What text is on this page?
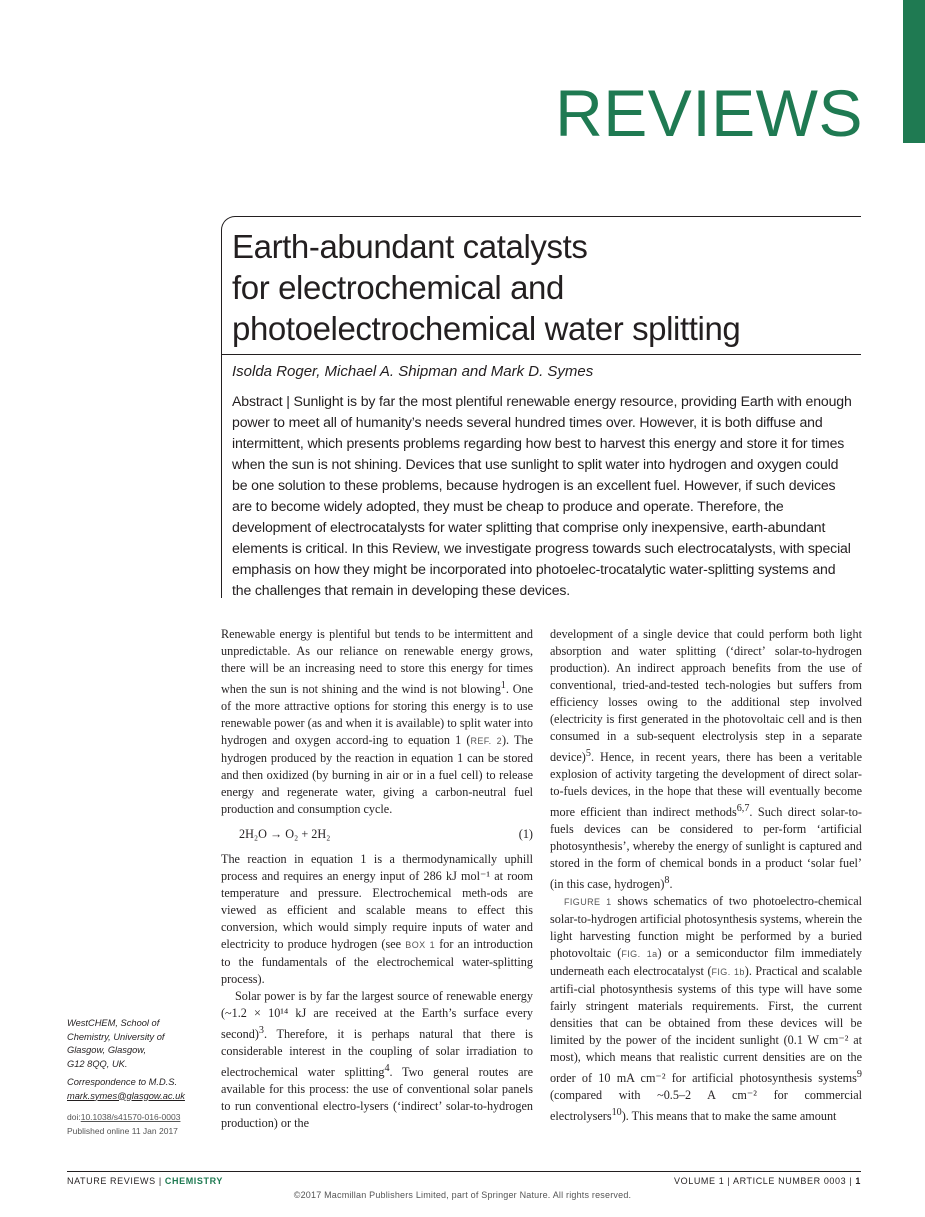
REVIEWS
Earth-abundant catalysts
for electrochemical and
photoelectrochemical water splitting
Isolda Roger, Michael A. Shipman and Mark D. Symes
Abstract | Sunlight is by far the most plentiful renewable energy resource, providing Earth with enough power to meet all of humanity’s needs several hundred times over. However, it is both diffuse and intermittent, which presents problems regarding how best to harvest this energy and store it for times when the sun is not shining. Devices that use sunlight to split water into hydrogen and oxygen could be one solution to these problems, because hydrogen is an excellent fuel. However, if such devices are to become widely adopted, they must be cheap to produce and operate. Therefore, the development of electrocatalysts for water splitting that comprise only inexpensive, earth-abundant elements is critical. In this Review, we investigate progress towards such electrocatalysts, with special emphasis on how they might be incorporated into photoelec-trocatalytic water-splitting systems and the challenges that remain in developing these devices.

Renewable energy is plentiful but tends to be intermittent and unpredictable. As our reliance on renewable energy grows, there will be an increasing need to store this energy for times when the sun is not shining and the wind is not blowing$^1$. One of the more attractive options for storing this energy is to use renewable power (as and when it is available) to split water into hydrogen and oxygen accord-ing to equation 1 (REF. 2). The hydrogen produced by the reaction in equation 1 can be stored and then oxidized (by burning in air or in a fuel cell) to release energy and regenerate water, giving a carbon-neutral fuel production and consumption cycle.

2H₂O → O₂ + 2H₂	(1)

The reaction in equation 1 is a thermodynamically uphill process and requires an energy input of 286 kJ mol⁻¹ at room temperature and pressure. Electrochemical meth-ods are viewed as efficient and scalable means to effect this conversion, which would simply require inputs of water and electricity to produce hydrogen (see BOX 1 for an introduction to the fundamentals of the electrochemical water-splitting process).

Solar power is by far the largest source of renewable energy (~1.2 × 10¹⁴ kJ are received at the Earth’s surface every second)$^3$. Therefore, it is perhaps natural that there is considerable interest in the coupling of solar irradiation to electrochemical water splitting$^4$. Two general routes are available for this process: the use of conventional solar panels to run conventional electro-lysers (‘indirect’ solar-to-hydrogen production) or the

development of a single device that could perform both light absorption and water splitting (‘direct’ solar-to-hydrogen production). An indirect approach benefits from the use of conventional, tried-and-tested tech-nologies but suffers from efficiency losses owing to the additional step involved (electricity is first generated in the photovoltaic cell and is then consumed in a sub-sequent electrolysis step in a separate device)$^5$. Hence, in recent years, there has been a veritable explosion of activity targeting the development of direct solar-to-fuels devices, in the hope that these will eventually become more efficient than indirect methods$^{6,7}$. Such direct solar-to-fuels devices can be considered to per-form ‘artificial photosynthesis’, whereby the energy of sunlight is captured and stored in the form of chemical bonds in a product ‘solar fuel’ (in this case, hydrogen)$^8$.

FIGURE 1 shows schematics of two photoelectro-chemical solar-to-hydrogen artificial photosynthesis systems, wherein the light harvesting function might be performed by a buried photovoltaic (FIG. 1a) or a semiconductor film immediately underneath each electrocatalyst (FIG. 1b). Practical and scalable artifi-cial photosynthesis systems of this type will have some fairly stringent materials requirements. First, the current densities that can be obtained from these devices will be limited by the power of the incident sunlight (0.1 W cm⁻² at most), which means that realistic current densities are on the order of 10 mA cm⁻² for artificial photosynthesis systems$^9$ (compared with ~0.5–2 A cm⁻² for commercial electrolysers$^{10}$). This means that to make the same amount

WestCHEM, School of
Chemistry, University of
Glasgow, Glasgow,
G12 8QQ, UK.
Correspondence to M.D.S.
mark.symes@glasgow.ac.uk
doi:10.1038/s41570-016-0003
Published online 11 Jan 2017
NATURE REVIEWS | CHEMISTRY	VOLUME 1 | ARTICLE NUMBER 0003 | 1
©2017 Macmillan Publishers Limited, part of Springer Nature. All rights reserved.
